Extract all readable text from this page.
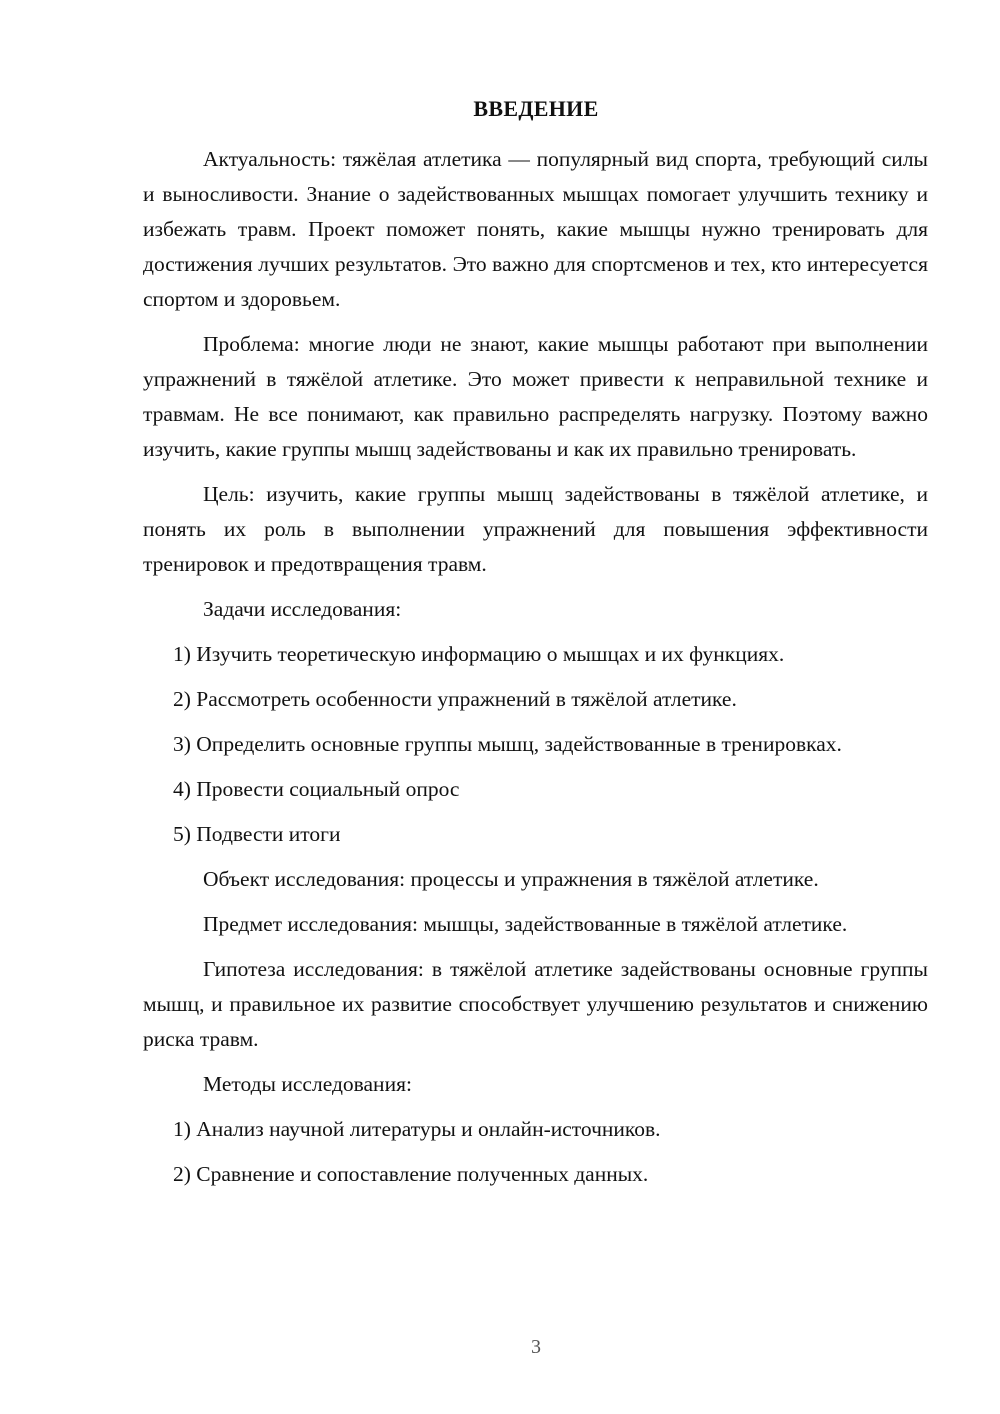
ВВЕДЕНИЕ

Актуальность: тяжёлая атлетика — популярный вид спорта, требующий силы и выносливости. Знание о задействованных мышцах помогает улучшить технику и избежать травм. Проект поможет понять, какие мышцы нужно тренировать для достижения лучших результатов. Это важно для спортсменов и тех, кто интересуется спортом и здоровьем.

Проблема: многие люди не знают, какие мышцы работают при выполнении упражнений в тяжёлой атлетике. Это может привести к неправильной технике и травмам. Не все понимают, как правильно распределять нагрузку. Поэтому важно изучить, какие группы мышц задействованы и как их правильно тренировать.

Цель: изучить, какие группы мышц задействованы в тяжёлой атлетике, и понять их роль в выполнении упражнений для повышения эффективности тренировок и предотвращения травм.

Задачи исследования:

1) Изучить теоретическую информацию о мышцах и их функциях.

2) Рассмотреть особенности упражнений в тяжёлой атлетике.

3) Определить основные группы мышц, задействованные в тренировках.

4) Провести социальный опрос

5) Подвести итоги

Объект исследования: процессы и упражнения в тяжёлой атлетике.

Предмет исследования: мышцы, задействованные в тяжёлой атлетике.

Гипотеза исследования: в тяжёлой атлетике задействованы основные группы мышц, и правильное их развитие способствует улучшению результатов и снижению риска травм.

Методы исследования:

1) Анализ научной литературы и онлайн-источников.

2) Сравнение и сопоставление полученных данных.

3
